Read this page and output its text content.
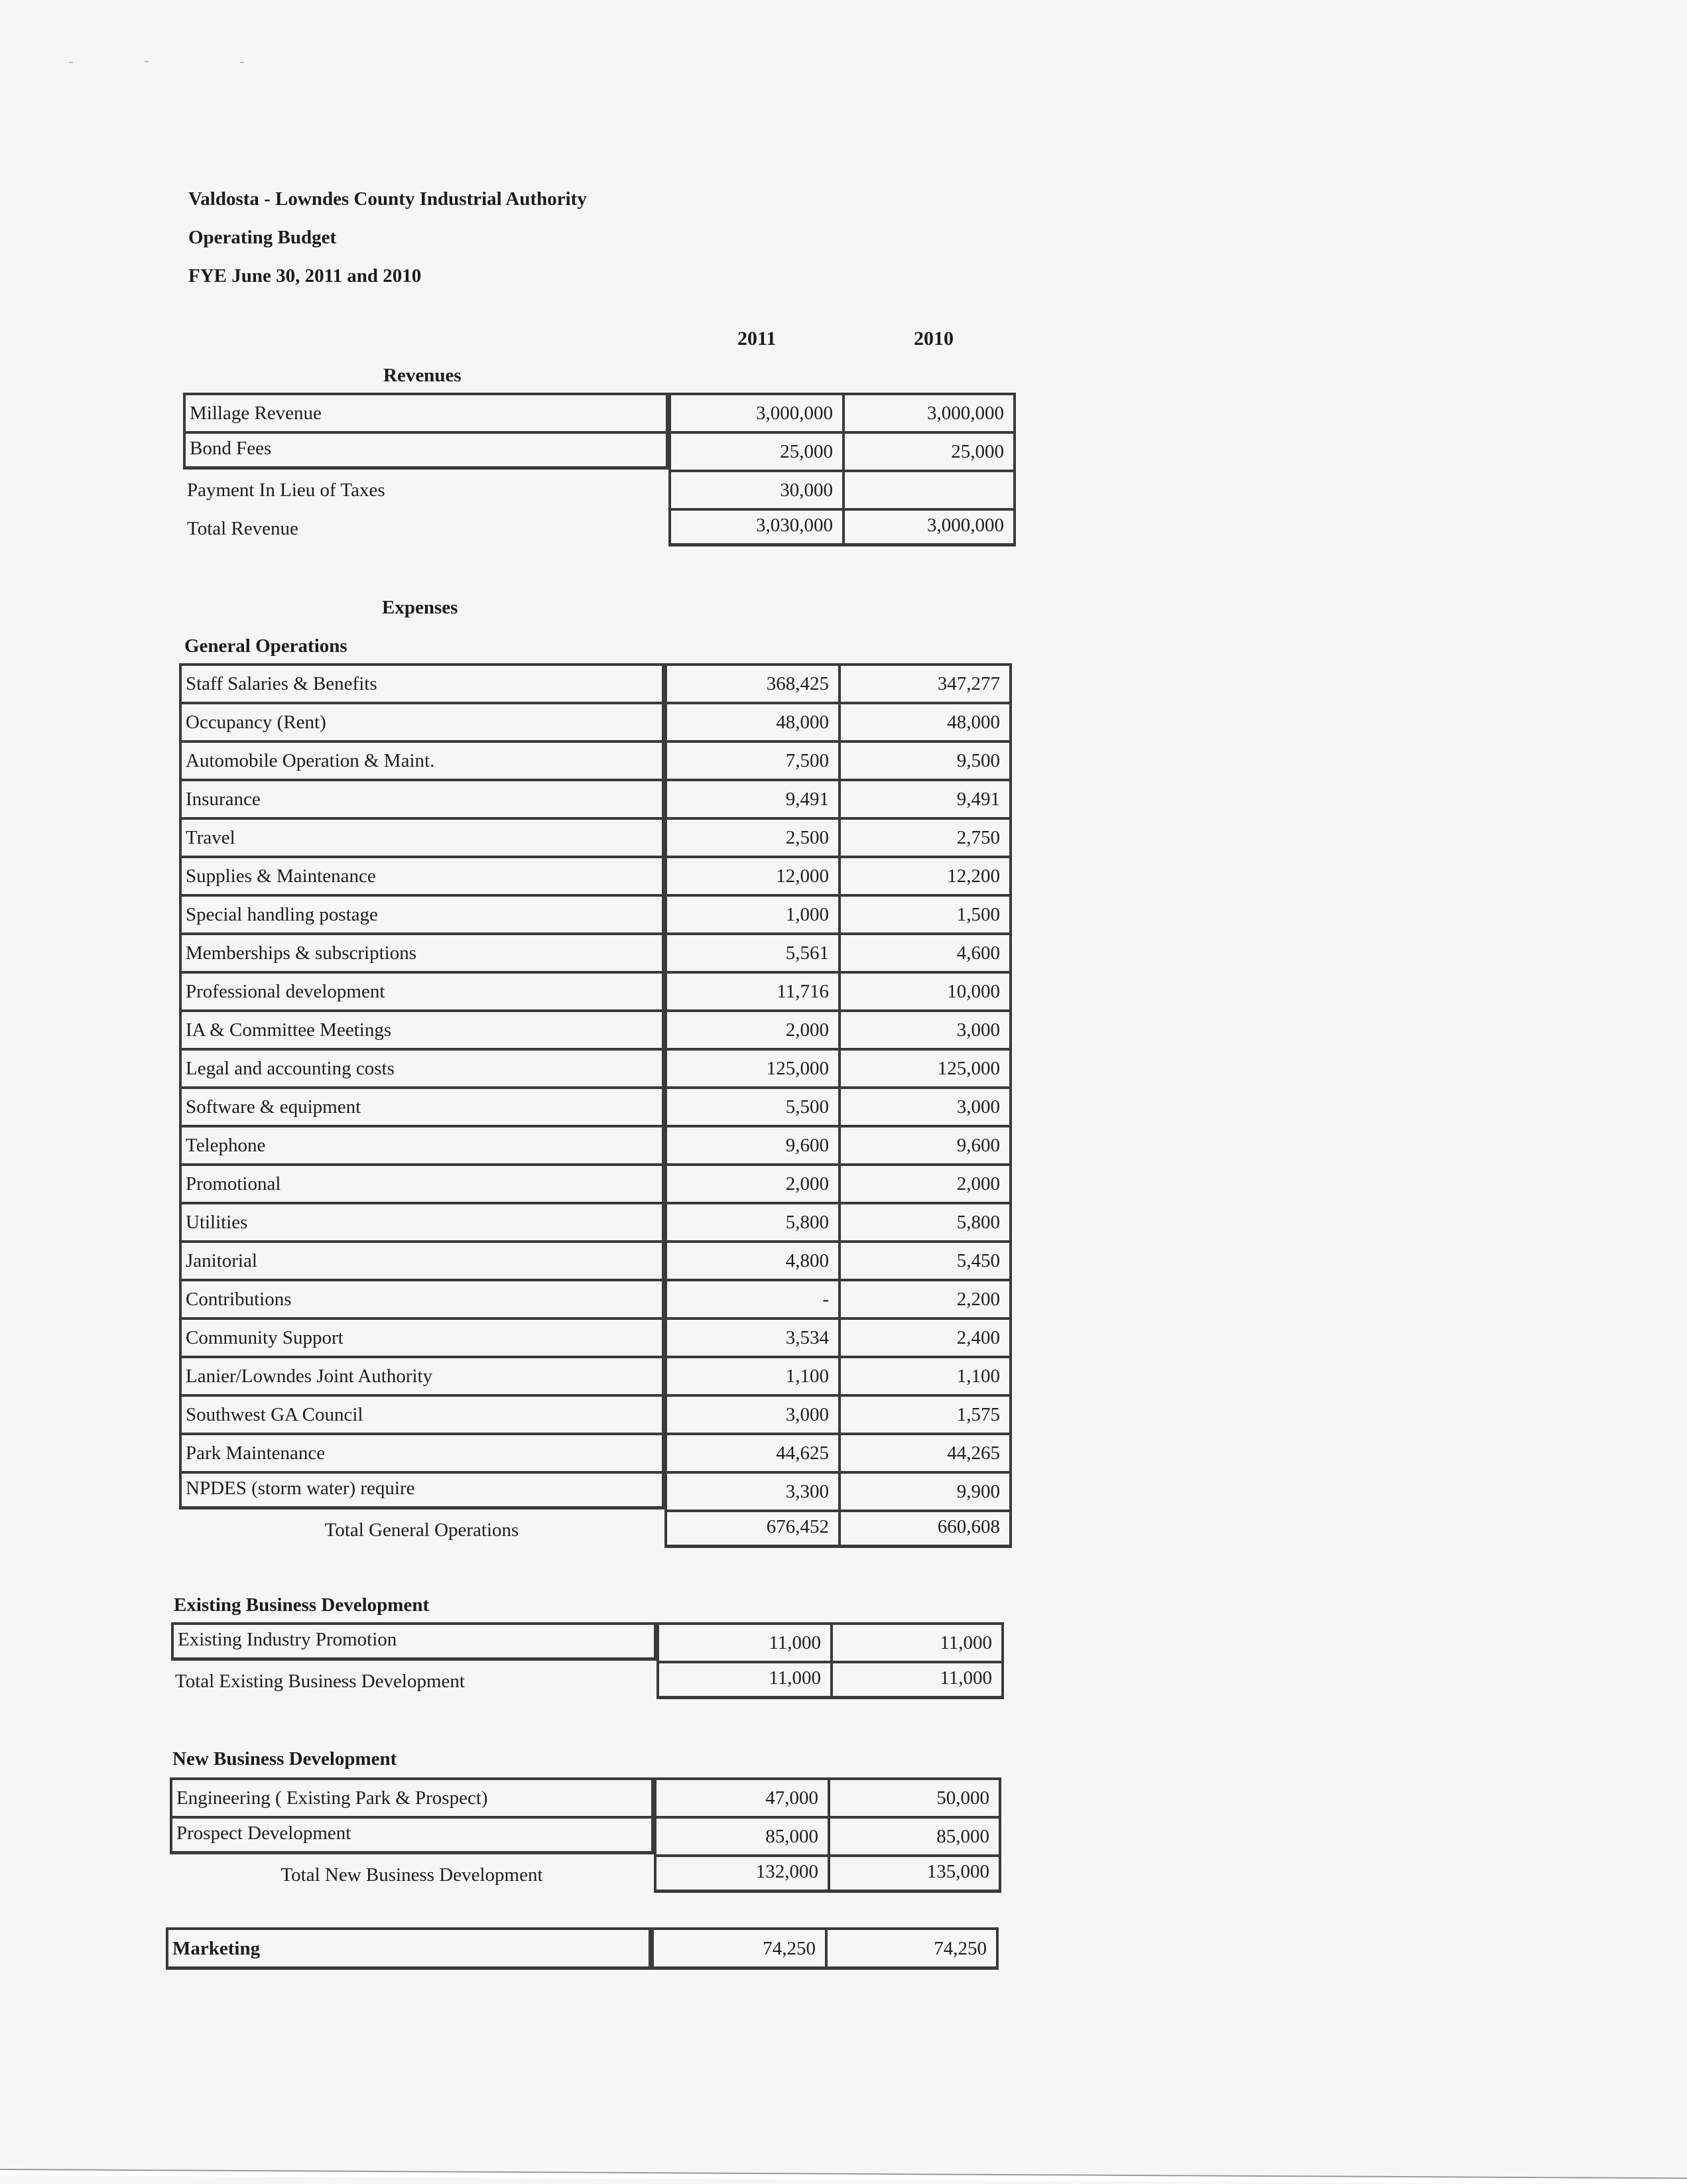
Valdosta - Lowndes County Industrial Authority
Operating Budget
FYE June 30, 2011 and 2010
2011	2010
Revenues
Millage Revenue	3,000,000	3,000,000
Bond Fees	25,000	25,000
Payment In Lieu of Taxes	30,000
Total Revenue	3,030,000	3,000,000
Expenses
General Operations
Staff Salaries & Benefits	368,425	347,277
Occupancy (Rent)	48,000	48,000
Automobile Operation & Maint.	7,500	9,500
Insurance	9,491	9,491
Travel	2,500	2,750
Supplies & Maintenance	12,000	12,200
Special handling postage	1,000	1,500
Memberships & subscriptions	5,561	4,600
Professional development	11,716	10,000
IA & Committee Meetings	2,000	3,000
Legal and accounting costs	125,000	125,000
Software & equipment	5,500	3,000
Telephone	9,600	9,600
Promotional	2,000	2,000
Utilities	5,800	5,800
Janitorial	4,800	5,450
Contributions	-	2,200
Community Support	3,534	2,400
Lanier/Lowndes Joint Authority	1,100	1,100
Southwest GA Council	3,000	1,575
Park Maintenance	44,625	44,265
NPDES (storm water) require	3,300	9,900
Total General Operations	676,452	660,608
Existing Business Development
Existing Industry Promotion	11,000	11,000
Total Existing Business Development	11,000	11,000
New Business Development
Engineering ( Existing Park & Prospect)	47,000	50,000
Prospect Development	85,000	85,000
Total New Business Development	132,000	135,000
Marketing	74,250	74,250
